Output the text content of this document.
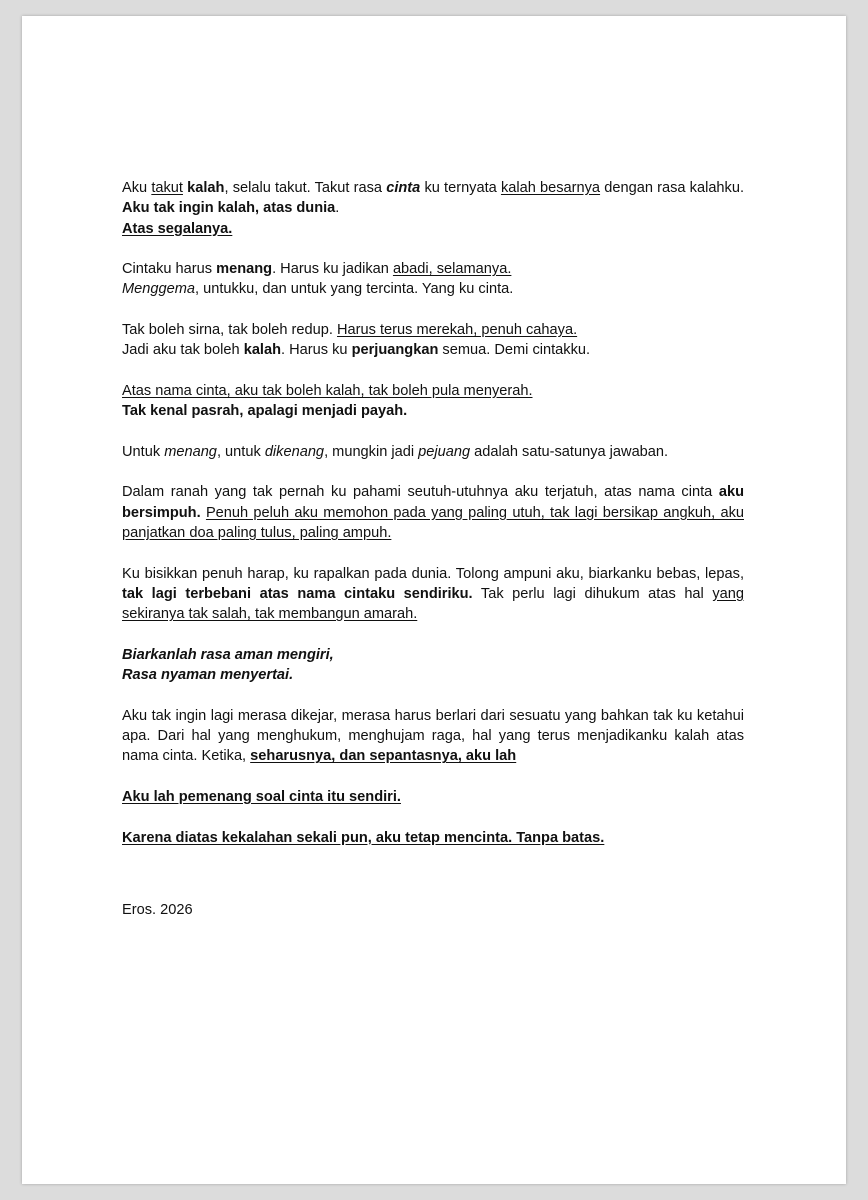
Aku takut kalah, selalu takut. Takut rasa cinta ku ternyata kalah besarnya dengan rasa kalahku. Aku tak ingin kalah, atas dunia.
Atas segalanya.

Cintaku harus menang. Harus ku jadikan abadi, selamanya.
Menggema, untukku, dan untuk yang tercinta. Yang ku cinta.

Tak boleh sirna, tak boleh redup. Harus terus merekah, penuh cahaya.
Jadi aku tak boleh kalah. Harus ku perjuangkan semua. Demi cintakku.

Atas nama cinta, aku tak boleh kalah, tak boleh pula menyerah.
Tak kenal pasrah, apalagi menjadi payah.

Untuk menang, untuk dikenang, mungkin jadi pejuang adalah satu-satunya jawaban.

Dalam ranah yang tak pernah ku pahami seutuh-utuhnya aku terjatuh, atas nama cinta aku bersimpuh. Penuh peluh aku memohon pada yang paling utuh, tak lagi bersikap angkuh, aku panjatkan doa paling tulus, paling ampuh.

Ku bisikkan penuh harap, ku rapalkan pada dunia. Tolong ampuni aku, biarkanku bebas, lepas, tak lagi terbebani atas nama cintaku sendiriku. Tak perlu lagi dihukum atas hal yang sekiranya tak salah, tak membangun amarah.

Biarkanlah rasa aman mengiri,
Rasa nyaman menyertai.

Aku tak ingin lagi merasa dikejar, merasa harus berlari dari sesuatu yang bahkan tak ku ketahui apa. Dari hal yang menghukum, menghujam raga, hal yang terus menjadikanku kalah atas nama cinta. Ketika, seharusnya, dan sepantasnya, aku lah

Aku lah pemenang soal cinta itu sendiri.

Karena diatas kekalahan sekali pun, aku tetap mencinta. Tanpa batas.

Eros. 2026
